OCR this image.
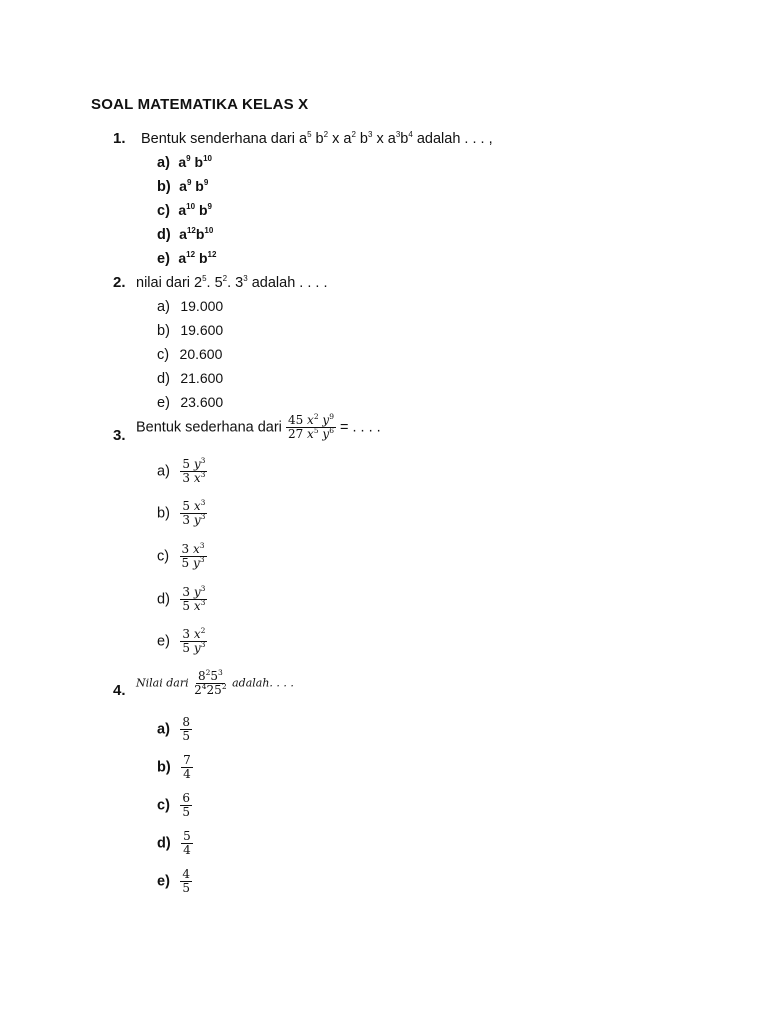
SOAL MATEMATIKA KELAS X
1. Bentuk senderhana dari $a^5$ $b^2$ x $a^2$ $b^3$ x $a^3b^4$ adalah . . . ,
a) $a^9$ $b^{10}$
b) $a^9$ $b^9$
c) $a^{10}$ $b^9$
d) $a^{12}b^{10}$
e) $a^{12}$ $b^{12}$
2. nilai dari $2^5$. $5^2$. $3^3$ adalah . . . .
a) 19.000
b) 19.600
c) 20.600
d) 21.600
e) 23.600
3. Bentuk sederhana dari $\frac{45 x^2 y^9}{27 x^5 y^6}$ = . . . .
$a) \frac{5 y^3}{3 x^3}$
$b) \frac{5 x^3}{3 y^3}$
$c) \frac{3 x^3}{5 y^3}$
$d) \frac{3 y^3}{5 x^3}$
$e) \frac{3 x^2}{5 y^3}$
4. Nilai dari $\frac{8^25^3}{2^425^2}$ adalah. . . .
$a) \frac{8}{5}$
$b) \frac{7}{4}$
$c) \frac{6}{5}$
$d) \frac{5}{4}$
$e) \frac{4}{5}$
